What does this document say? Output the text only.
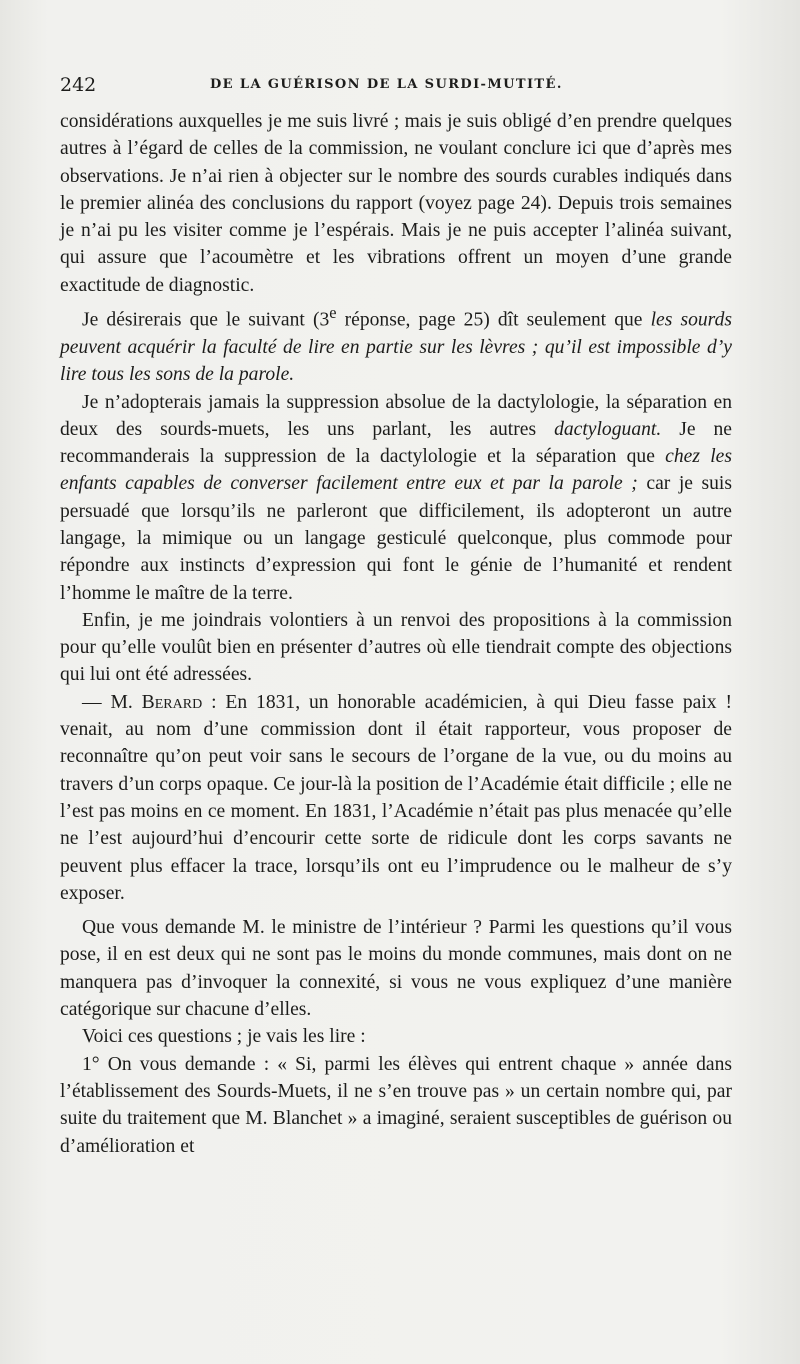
242	DE LA GUÉRISON DE LA SURDI-MUTITÉ.

considérations auxquelles je me suis livré ; mais je suis obligé d’en prendre quelques autres à l’égard de celles de la commission, ne voulant conclure ici que d’après mes observations. Je n’ai rien à objecter sur le nombre des sourds curables indiqués dans le premier alinéa des conclusions du rapport (voyez page 24). Depuis trois semaines je n’ai pu les visiter comme je l’espérais. Mais je ne puis accepter l’alinéa suivant, qui assure que l’acoumètre et les vibrations offrent un moyen d’une grande exactitude de diagnostic.

Je désirerais que le suivant (3e réponse, page 25) dît seulement que les sourds peuvent acquérir la faculté de lire en partie sur les lèvres ; qu’il est impossible d’y lire tous les sons de la parole.

Je n’adopterais jamais la suppression absolue de la dactylologie, la séparation en deux des sourds-muets, les uns parlant, les autres dactyloguant. Je ne recommanderais la suppression de la dactylologie et la séparation que chez les enfants capables de converser facilement entre eux et par la parole ; car je suis persuadé que lorsqu’ils ne parleront que difficilement, ils adopteront un autre langage, la mimique ou un langage gesticulé quelconque, plus commode pour répondre aux instincts d’expression qui font le génie de l’humanité et rendent l’homme le maître de la terre.

Enfin, je me joindrais volontiers à un renvoi des propositions à la commission pour qu’elle voulût bien en présenter d’autres où elle tiendrait compte des objections qui lui ont été adressées.

— M. Berard : En 1831, un honorable académicien, à qui Dieu fasse paix ! venait, au nom d’une commission dont il était rapporteur, vous proposer de reconnaître qu’on peut voir sans le secours de l’organe de la vue, ou du moins au travers d’un corps opaque. Ce jour-là la position de l’Académie était difficile ; elle ne l’est pas moins en ce moment. En 1831, l’Académie n’était pas plus menacée qu’elle ne l’est aujourd’hui d’encourir cette sorte de ridicule dont les corps savants ne peuvent plus effacer la trace, lorsqu’ils ont eu l’imprudence ou le malheur de s’y exposer.

Que vous demande M. le ministre de l’intérieur ? Parmi les questions qu’il vous pose, il en est deux qui ne sont pas le moins du monde communes, mais dont on ne manquera pas d’invoquer la connexité, si vous ne vous expliquez d’une manière catégorique sur chacune d’elles.

Voici ces questions ; je vais les lire :

1° On vous demande : « Si, parmi les élèves qui entrent chaque » année dans l’établissement des Sourds-Muets, il ne s’en trouve pas » un certain nombre qui, par suite du traitement que M. Blanchet » a imaginé, seraient susceptibles de guérison ou d’amélioration et
